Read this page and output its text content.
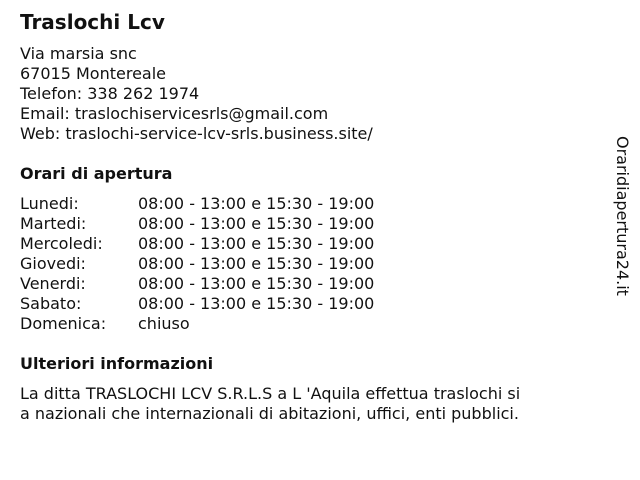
Traslochi Lcv
Via marsia snc
67015 Montereale
Telefon: 338 262 1974
Email: traslochiservicesrls@gmail.com
Web: traslochi-service-lcv-srls.business.site/
Orari di apertura
Lunedi:	08:00 - 13:00 e 15:30 - 19:00
Martedi:	08:00 - 13:00 e 15:30 - 19:00
Mercoledi: 08:00 - 13:00 e 15:30 - 19:00
Giovedi:	08:00 - 13:00 e 15:30 - 19:00
Venerdi:	08:00 - 13:00 e 15:30 - 19:00
Sabato:	08:00 - 13:00 e 15:30 - 19:00
Domenica: chiuso
Ulteriori informazioni
La ditta TRASLOCHI LCV S.R.L.S a L 'Aquila effettua traslochi si
a nazionali che internazionali di abitazioni, uffici, enti pubblici.
Oraridiapertura24.it
